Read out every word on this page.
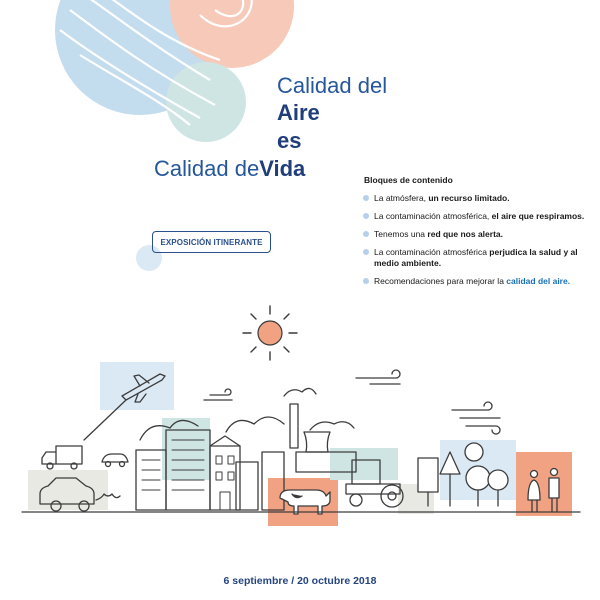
Calidad del
Aire
es
Calidad deVida
EXPOSICIÓN ITINERANTE
Bloques de contenido
La atmósfera, un recurso limitado.
La contaminación atmosférica, el aire que respiramos.
Tenemos una red que nos alerta.
La contaminación atmosférica perjudica la salud y al medio ambiente.
Recomendaciones para mejorar la calidad del aire.
6 septiembre / 20 octubre 2018
